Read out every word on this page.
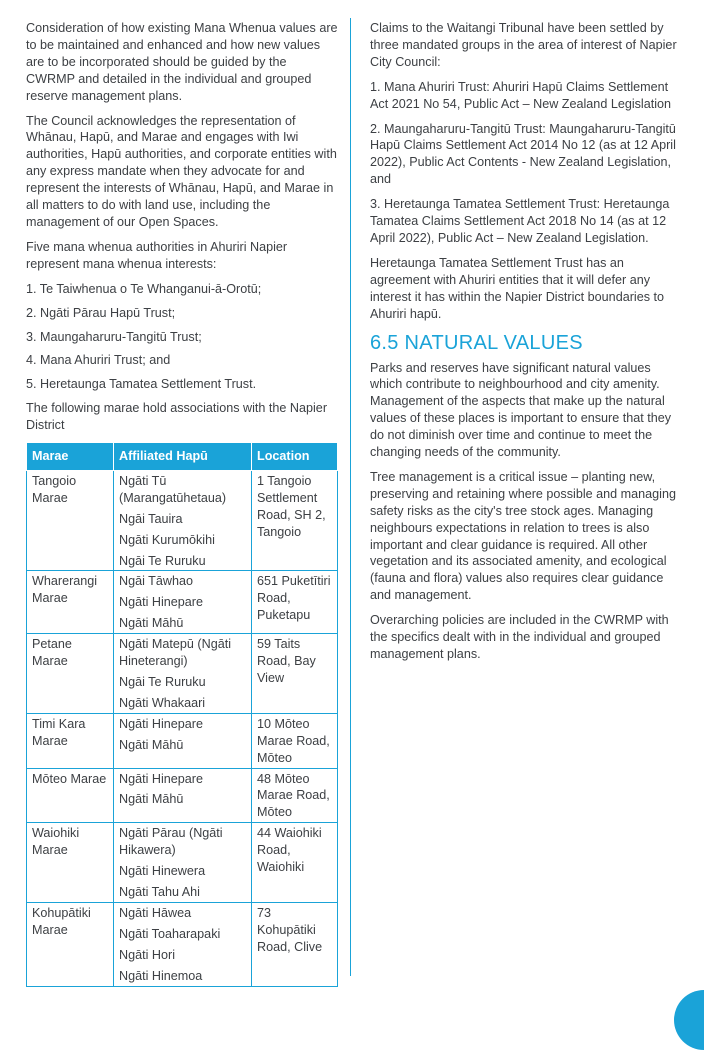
Consideration of how existing Mana Whenua values are to be maintained and enhanced and how new values are to be incorporated should be guided by the CWRMP and detailed in the individual and grouped reserve management plans.

The Council acknowledges the representation of Whānau, Hapū, and Marae and engages with Iwi authorities, Hapū authorities, and corporate entities with any express mandate when they advocate for and represent the interests of Whānau, Hapū, and Marae in all matters to do with land use, including the management of our Open Spaces.

Five mana whenua authorities in Ahuriri Napier represent mana whenua interests:

1. Te Taiwhenua o Te Whanganui-ā-Orotū;
2. Ngāti Pārau Hapū Trust;
3. Maungaharuru-Tangitū Trust;
4. Mana Ahuriri Trust; and
5. Heretaunga Tamatea Settlement Trust.

The following marae hold associations with the Napier District

Marae	Affiliated Hapū	Location
Tangoio Marae	Ngāti Tū (Marangatūhetaua)
Ngāi Tauira
Ngāti Kurumōkihi
Ngāi Te Ruruku	1 Tangoio Settlement Road, SH 2, Tangoio
Wharerangi Marae	Ngāi Tāwhao
Ngāti Hinepare
Ngāti Māhū	651 Puketītiri Road, Puketapu
Petane Marae	Ngāti Matepū (Ngāti Hineterangi)
Ngāi Te Ruruku
Ngāti Whakaari	59 Taits Road, Bay View
Timi Kara Marae	Ngāti Hinepare
Ngāti Māhū	10 Mōteo Marae Road, Mōteo
Mōteo Marae	Ngāti Hinepare
Ngāti Māhū	48 Mōteo Marae Road, Mōteo
Waiohiki Marae	Ngāti Pārau (Ngāti Hikawera)
Ngāti Hinewera
Ngāti Tahu Ahi	44 Waiohiki Road, Waiohiki
Kohupātiki Marae	Ngāti Hāwea
Ngāti Toaharapaki
Ngāti Hori
Ngāti Hinemoa	73 Kohupātiki Road, Clive

Claims to the Waitangi Tribunal have been settled by three mandated groups in the area of interest of Napier City Council:

1. Mana Ahuriri Trust: Ahuriri Hapū Claims Settlement Act 2021 No 54, Public Act – New Zealand Legislation

2. Maungaharuru-Tangitū Trust: Maungaharuru-Tangitū Hapū Claims Settlement Act 2014 No 12 (as at 12 April 2022), Public Act Contents - New Zealand Legislation, and

3. Heretaunga Tamatea Settlement Trust: Heretaunga Tamatea Claims Settlement Act 2018 No 14 (as at 12 April 2022), Public Act – New Zealand Legislation.

Heretaunga Tamatea Settlement Trust has an agreement with Ahuriri entities that it will defer any interest it has within the Napier District boundaries to Ahuriri hapū.

6.5 NATURAL VALUES

Parks and reserves have significant natural values which contribute to neighbourhood and city amenity. Management of the aspects that make up the natural values of these places is important to ensure that they do not diminish over time and continue to meet the changing needs of the community.

Tree management is a critical issue – planting new, preserving and retaining where possible and managing safety risks as the city's tree stock ages. Managing neighbours expectations in relation to trees is also important and clear guidance is required. All other vegetation and its associated amenity, and ecological (fauna and flora) values also requires clear guidance and management.

Overarching policies are included in the CWRMP with the specifics dealt with in the individual and grouped management plans.
